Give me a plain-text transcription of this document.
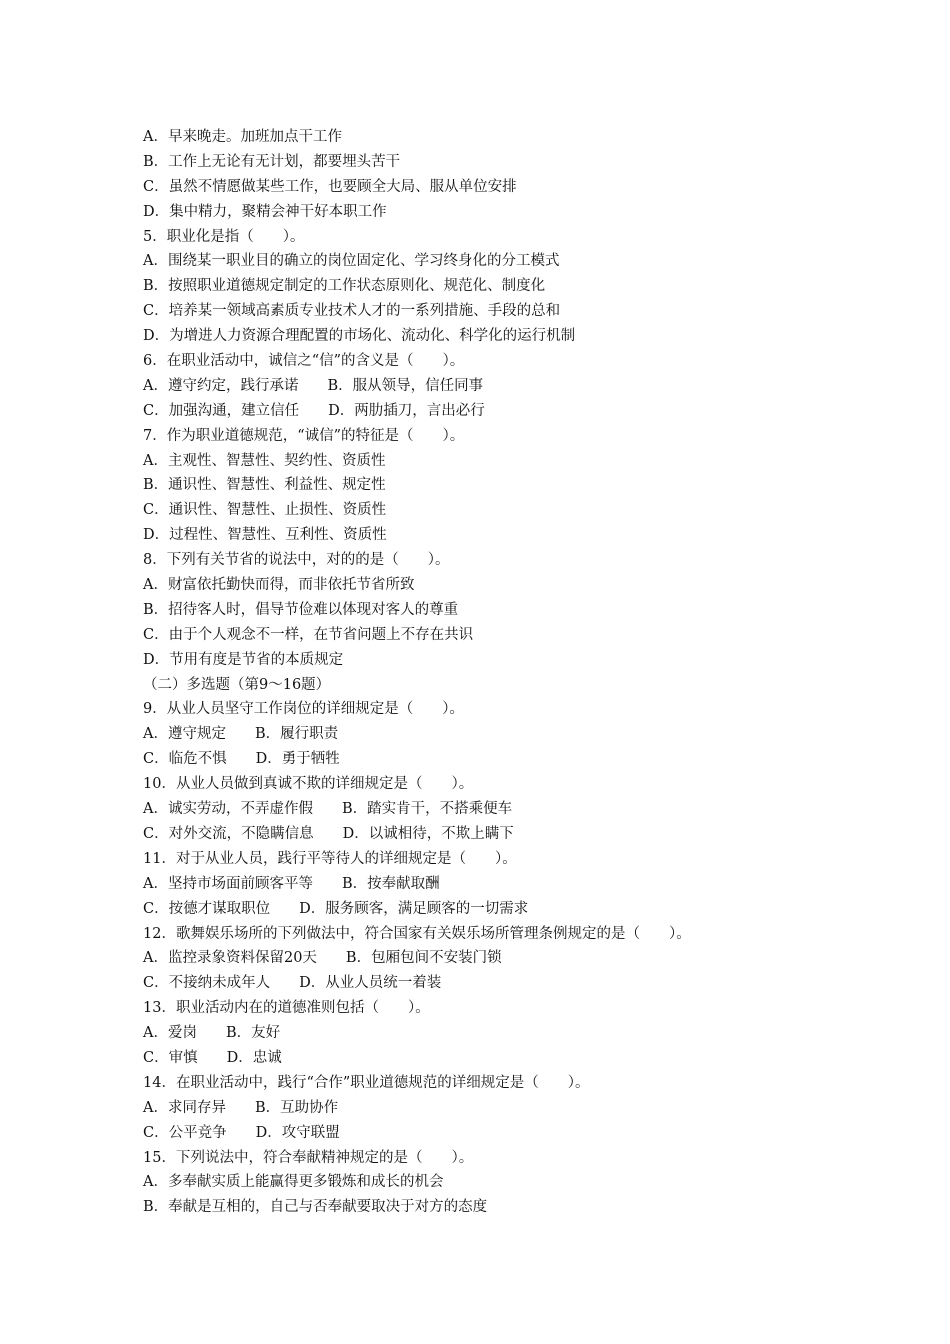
A．早来晚走。加班加点干工作
B．工作上无论有无计划，都要埋头苦干
C．虽然不情愿做某些工作，也要顾全大局、服从单位安排
D．集中精力，聚精会神干好本职工作
5．职业化是指（　　）。
A．围绕某一职业目的确立的岗位固定化、学习终身化的分工模式
B．按照职业道德规定制定的工作状态原则化、规范化、制度化
C．培养某一领域高素质专业技术人才的一系列措施、手段的总和
D．为增进人力资源合理配置的市场化、流动化、科学化的运行机制
6．在职业活动中，诚信之“信”的含义是（　　）。
A．遵守约定，践行承诺　　B．服从领导，信任同事
C．加强沟通，建立信任　　D．两肋插刀，言出必行
7．作为职业道德规范，“诚信”的特征是（　　）。
A．主观性、智慧性、契约性、资质性
B．通识性、智慧性、利益性、规定性
C．通识性、智慧性、止损性、资质性
D．过程性、智慧性、互利性、资质性
8．下列有关节省的说法中，对的的是（　　）。
A．财富依托勤快而得，而非依托节省所致
B．招待客人时，倡导节俭难以体现对客人的尊重
C．由于个人观念不一样，在节省问题上不存在共识
D．节用有度是节省的本质规定
（二）多选题（第9～16题）
9．从业人员坚守工作岗位的详细规定是（　　）。
A．遵守规定　　B．履行职责
C．临危不惧　　D．勇于牺牲
10．从业人员做到真诚不欺的详细规定是（　　）。
A．诚实劳动，不弄虚作假　　B．踏实肯干，不搭乘便车
C．对外交流，不隐瞒信息　　D．以诚相待，不欺上瞒下
11．对于从业人员，践行平等待人的详细规定是（　　）。
A．坚持市场面前顾客平等　　B．按奉献取酬
C．按德才谋取职位　　D．服务顾客，满足顾客的一切需求
12．歌舞娱乐场所的下列做法中，符合国家有关娱乐场所管理条例规定的是（　　）。
A．监控录象资料保留20天　　B．包厢包间不安装门锁
C．不接纳未成年人　　D．从业人员统一着装
13．职业活动内在的道德准则包括（　　）。
A．爱岗　　B．友好
C．审慎　　D．忠诚
14．在职业活动中，践行“合作”职业道德规范的详细规定是（　　）。
A．求同存异　　B．互助协作
C．公平竞争　　D．攻守联盟
15．下列说法中，符合奉献精神规定的是（　　）。
A．多奉献实质上能赢得更多锻炼和成长的机会
B．奉献是互相的，自己与否奉献要取决于对方的态度
